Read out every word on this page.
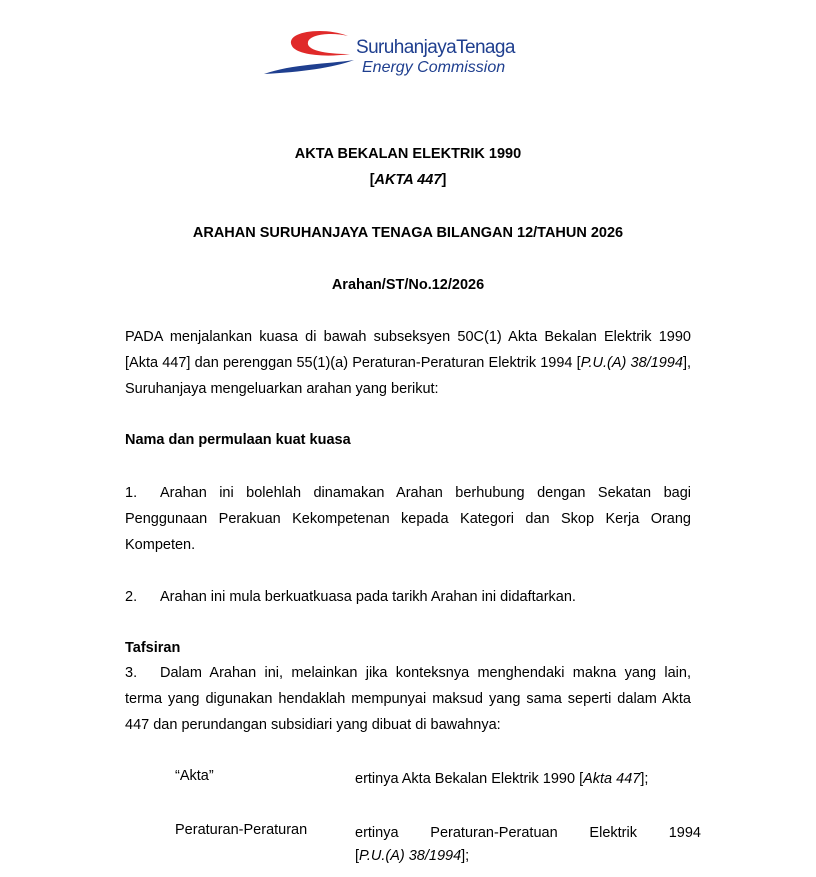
SuruhanjayaTenaga
Energy Commission
AKTA BEKALAN ELEKTRIK 1990
[AKTA 447]
ARAHAN SURUHANJAYA TENAGA BILANGAN 12/TAHUN 2026
Arahan/ST/No.12/2026
PADA menjalankan kuasa di bawah subseksyen 50C(1) Akta Bekalan Elektrik 1990 [Akta 447] dan perenggan 55(1)(a) Peraturan-Peraturan Elektrik 1994 [P.U.(A) 38/1994], Suruhanjaya mengeluarkan arahan yang berikut:
Nama dan permulaan kuat kuasa
1. Arahan ini bolehlah dinamakan Arahan berhubung dengan Sekatan bagi Penggunaan Perakuan Kekompetenan kepada Kategori dan Skop Kerja Orang Kompeten.
2. Arahan ini mula berkuatkuasa pada tarikh Arahan ini didaftarkan.
Tafsiran
3. Dalam Arahan ini, melainkan jika konteksnya menghendaki makna yang lain, terma yang digunakan hendaklah mempunyai maksud yang sama seperti dalam Akta 447 dan perundangan subsidiari yang dibuat di bawahnya:
“Akta”	ertinya Akta Bekalan Elektrik 1990 [Akta 447];
Peraturan-Peraturan	ertinya Peraturan-Peratuan Elektrik 1994
[P.U.(A) 38/1994];
